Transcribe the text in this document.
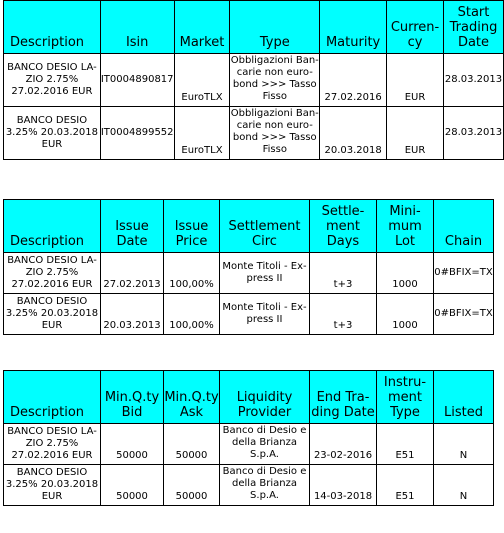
Description	Isin	Market	Type	Maturity	Curren-cy	Start Trading Date
BANCO DESIO LA-ZIO 2.75% 27.02.2016 EUR	IT0004890817	EuroTLX	Obbligazioni Ban-carie non euro-bond >>> Tasso Fisso	27.02.2016	EUR	28.03.2013
BANCO DESIO 3.25% 20.03.2018 EUR	IT0004899552	EuroTLX	Obbligazioni Ban-carie non euro-bond >>> Tasso Fisso	20.03.2018	EUR	28.03.2013
Description	Issue Date	Issue Price	Settlement Circ	Settle-ment Days	Mini-mum Lot	Chain
BANCO DESIO LA-ZIO 2.75% 27.02.2016 EUR	27.02.2013	100,00%	Monte Titoli - Ex-press II	t+3	1000	0#BFIX=TX
BANCO DESIO 3.25% 20.03.2018 EUR	20.03.2013	100,00%	Monte Titoli - Ex-press II	t+3	1000	0#BFIX=TX
Description	Min.Q.ty Bid	Min.Q.ty Ask	Liquidity Provider	End Tra-ding Date	Instru-ment Type	Listed
BANCO DESIO LA-ZIO 2.75% 27.02.2016 EUR	50000	50000	Banco di Desio e della Brianza S.p.A.	23-02-2016	E51	N
BANCO DESIO 3.25% 20.03.2018 EUR	50000	50000	Banco di Desio e della Brianza S.p.A.	14-03-2018	E51	N
